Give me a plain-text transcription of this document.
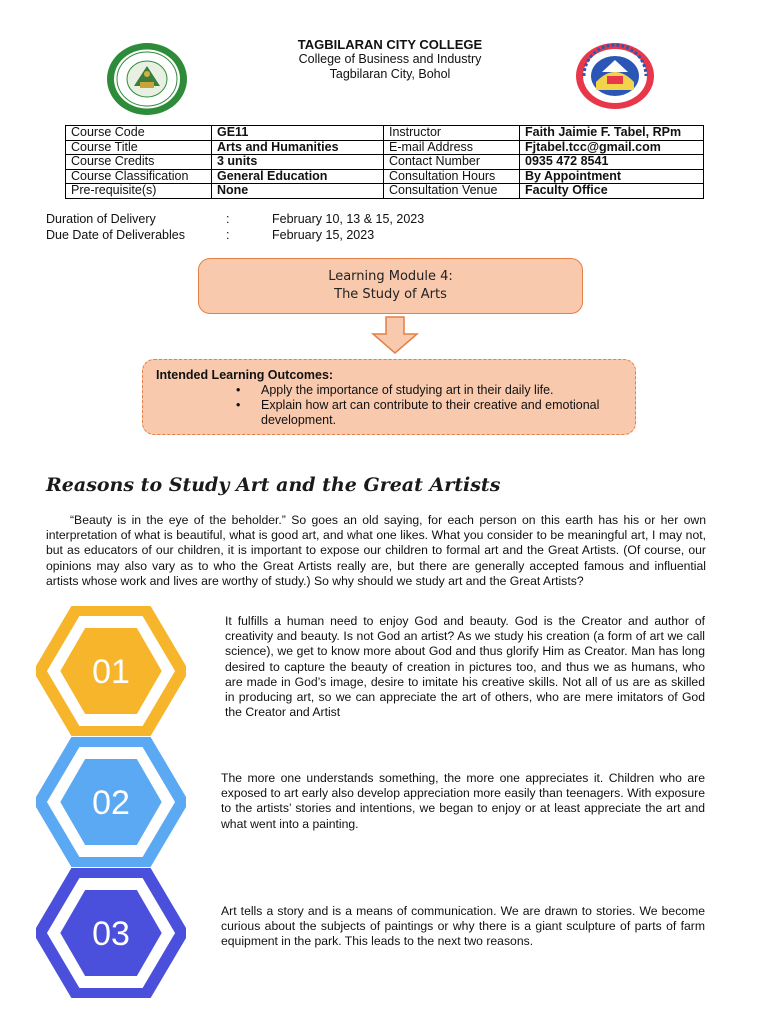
TAGBILARAN CITY COLLEGE
College of Business and Industry
Tagbilaran City, Bohol
Course Code	GE11	Instructor	Faith Jaimie F. Tabel, RPm
Course Title	Arts and Humanities	E-mail Address	Fjtabel.tcc@gmail.com
Course Credits	3 units	Contact Number	0935 472 8541
Course Classification	General Education	Consultation Hours	By Appointment
Pre-requisite(s)	None	Consultation Venue	Faculty Office
Duration of Delivery	:	February 10, 13 & 15, 2023
Due Date of Deliverables	:	February 15, 2023
Learning Module 4:
The Study of Arts
Intended Learning Outcomes:
• Apply the importance of studying art in their daily life.
• Explain how art can contribute to their creative and emotional development.
Reasons to Study Art and the Great Artists

“Beauty is in the eye of the beholder.” So goes an old saying, for each person on this earth has his or her own interpretation of what is beautiful, what is good art, and what one likes. What you consider to be meaningful art, I may not, but as educators of our children, it is important to expose our children to formal art and the Great Artists. (Of course, our opinions may also vary as to who the Great Artists really are, but there are generally accepted famous and influential artists whose work and lives are worthy of study.) So why should we study art and the Great Artists?

01
02
03

It fulfills a human need to enjoy God and beauty. God is the Creator and author of creativity and beauty. Is not God an artist? As we study his creation (a form of art we call science), we get to know more about God and thus glorify Him as Creator. Man has long desired to capture the beauty of creation in pictures too, and thus we as humans, who are made in God’s image, desire to imitate his creative skills. Not all of us are as skilled in producing art, so we can appreciate the art of others, who are mere imitators of God the Creator and Artist

The more one understands something, the more one appreciates it. Children who are exposed to art early also develop appreciation more easily than teenagers. With exposure to the artists’ stories and intentions, we began to enjoy or at least appreciate the art and what went into a painting.

Art tells a story and is a means of communication. We are drawn to stories. We become curious about the subjects of paintings or why there is a giant sculpture of parts of farm equipment in the park. This leads to the next two reasons.
